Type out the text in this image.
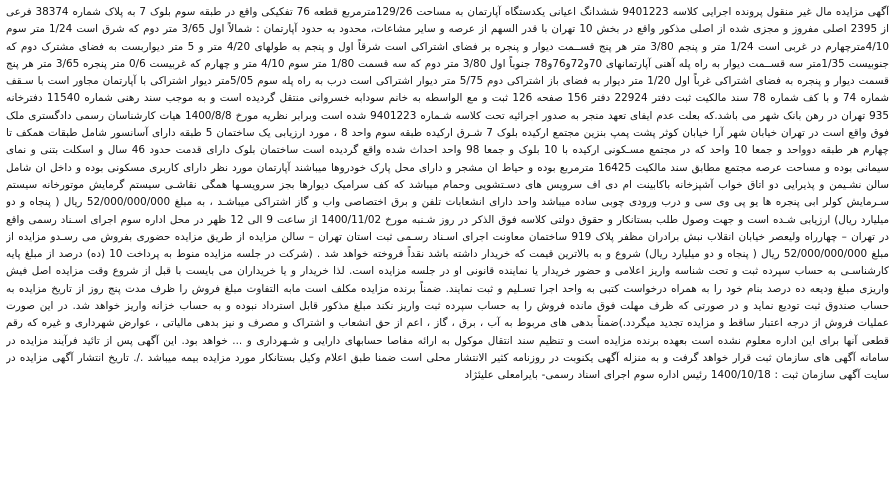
آگهی مزایده مال غیر منقول پرونده اجرایی کلاسه 9401223 ششدانگ اعیانی یکدستگاه آپارتمان به مساحت 129/26مترمربع قطعه 76 تفکیکی واقع در طبقه سوم بلوک 7 به پلاک شماره 38374 فرعی از 2395 اصلی مفروز و مجزی شده از اصلی مذکور واقع در بخش 10 تهران با قدر السهم از عرصه و سایر مشاعات، محدود به حدود آپارتمان : شمالاً اول 3/65 متر دوم که شرق است 1/24 متر سوم 4/10مترچهارم در غربی است 1/24 متر و پنجم 3/80 متر هر پنج قســمت دیوار و پنجره بر فضای اشتراکی است شرقاً اول و پنجم به طولهای 4/20 متر و 5 متر دیواربست به فضای مشترک دوم که جنوبیست 1/35متر سه قســمت دیوار به راه پله آهنی آپارتمانهای 70و72و76و78 جنوباً اول 3/80 متر دوم که سه قسمت 1/80 متر سوم 4/10 متر و چهارم که غربیست 0/6 متر پنجره 3/65 متر هر پنج قسمت دیوار و پنجره به فضای اشتراکی غرباً اول 1/20 متر دیوار به فضای باز اشتراکی دوم 5/75 متر دیوار اشتراکی است درب به راه پله سوم 5/05متر دیوار اشتراکی با آپارتمان مجاور است با سـقف شماره 74 و با کف شماره 78 سند مالکیت ثبت دفتر 22924 دفتر 156 صفحه 126 ثبت و مع الواسطه به خانم سودابه خسروانی منتقل گردیده است و به موجب سند رهنی شماره 11540 دفترخانه 935 تهران در رهن بانک شهر می باشد.که بعلت عدم ایفای تعهد منجر به صدور اجرائیه تحت کلاسه شـماره 9401223 شده است وبرابر نظریه مورخ 1400/8/8 هیات کارشناسان رسمی دادگستری ملک فوق واقع است در تهران خیابان شهر آرا خیابان کوثر پشت پمپ بنزین مجتمع ارکیده بلوک 7 شـرق ارکیده طبقه سوم واحد 8 ، مورد ارزیابی یک ساختمان 5 طبقه دارای آسانسور شامل طبقات همکف تا چهارم هر طبقه دوواحد و جمعا 10 واحد که در مجتمع مسـکونی ارکیده با 10 بلوک و جمعا 98 واحد احداث شده واقع گردیده است ساختمان بلوک دارای قدمت حدود 46 سال و اسکلت بتنی و نمای سیمانی بوده و مساحت عرصه مجتمع مطابق سند مالکیت 16425 مترمربع بوده و حیاط ان مشجر و دارای محل پارک خودروها میباشند آپارتمان مورد نظر دارای کاربری مسکونی بوده و داخل ان شامل سالن نشـیمن و پذیرایی دو اتاق خواب آشپزخانه باکابینت ام دی اف سرویس های دسـتشویی وحمام میباشد که کف سرامیک دیوارها بجز سرویسـها همگی نقاشـی سیستم گرمایش موتورخانه سیستم سـرمایش کولر ابی پنجره ها یو پی وی سی و درب ورودی چوبی ساده میباشد واحد دارای انشعابات تلفن و برق اختصاصی واب و گاز اشتراکی میباشـد ، به مبلغ 52/000/000/000 ریال ( پنجاه و دو میلیارد ریال) ارزیابی شـده است و جهت وصول طلب بستانکار و حقوق دولتی کلاسه فوق الذکر در روز شـنبه مورخ 1400/11/02 از ساعت 9 الی 12 ظهر در محل اداره سوم اجرای اسـناد رسمی واقع در تهران – چهارراه ولیعصر خیابان انقلاب نبش برادران مظفر پلاک 919 ساختمان معاونت اجرای اسـناد رسـمی ثبت استان تهران – سالن مزایده از طریق مزایده حضوری بفروش می رسـدو مزایده از مبلغ 52/000/000/000 ریال ( پنجاه و دو میلیارد ریال) شروع و به بالاترین قیمت که خریدار داشته باشد نقداً فروخته خواهد شد . (شرکت در جلسه مزایده منوط به پرداخت 10 (ده) درصد از مبلغ پایه کارشناسـی به حساب سپرده ثبت و تحت شناسه واریز اعلامی و حضور خریدار یا نماینده قانونی او در جلسه مزایده است. لذا خریدار و یا خریداران می بایست با قبل از شروع وقت مزایده اصل فیش واریزی مبلغ ودیعه ده درصد بنام خود را به همراه درخواست کتبی به واحد اجرا تسـلیم و ثبت نمایند. ضمناً برنده مزایده مکلف است مابه التفاوت مبلغ فروش را ظرف مدت پنج روز از تاریخ مزایده به حساب صندوق ثبت تودیع نماید و در صورتی که ظرف مهلت فوق مانده فروش را به حساب سپرده ثبت واریز نکند مبلغ مذکور قابل استرداد نبوده و به حساب خزانه واریز خواهد شد. در این صورت عملیات فروش از درجه اعتبار ساقط و مزایده تجدید میگردد.)ضمناً بدهی های مربوط به آب ، برق ، گاز ، اعم از حق انشعاب و اشتراک و مصرف و نیز بدهی مالیاتی ، عوارض شهرداری و غیره که رقم قطعی آنها برای این اداره معلوم نشده است بعهده برنده مزایده است و تنظیم سند انتقال موکول به ارائه مفاصا حسابهای دارایی و شـهرداری و ... خواهد بود. این آگهی پس از تائید فرآیند مزایده در سامانه آگهی های سازمان ثبت قرار خواهد گرفت و به منزله آگهی یکنوبت در روزنامه کثیر الانتشار محلی است ضمنا طبق اعلام وکیل بستانکار مورد مزایده بیمه میباشد ./. تاریخ انتشار آگهی مزایده در سایت آگهی سازمان ثبت : 1400/10/18 رئیس اداره سوم اجرای اسناد رسمی- بایرامعلی علیئژاد
